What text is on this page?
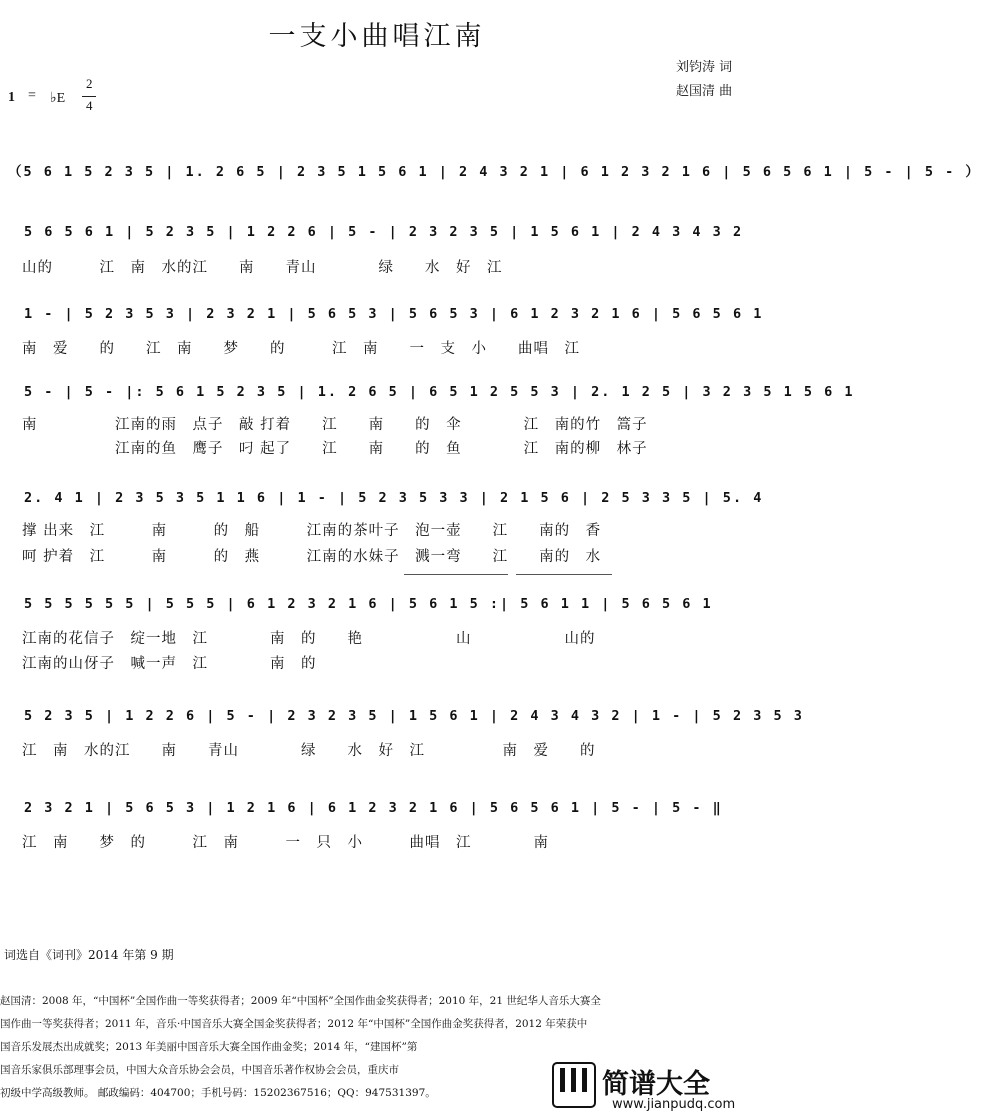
一支小曲唱江南
刘钧涛 词
赵国清 曲
1 = ♭E
2
4
（5 6 1 5 2 3 5 | 1. 2 6 5 | 2 3 5 1 5 6 1 | 2 4 3 2 1 | 6 1 2 3 2 1 6 | 5 6 5 6 1 | 5 - | 5 - ）
5 6 5 6 1 | 5 2 3 5 | 1 2 2 6 | 5 - | 2 3 2 3 5 | 1 5 6 1 | 2 4 3 4 3 2
山的　　　江　南　水的江　　南　　青山　　　　绿　　水　好　江
1 - | 5 2 3 5 3 | 2 3 2 1 | 5 6 5 3 | 5 6 5 3 | 6 1 2 3 2 1 6 | 5 6 5 6 1
南　爱　　的　　江　南　　梦　　的　　　江　南　　一　支　小　　曲唱　江
5 - | 5 - |: 5 6 1 5 2 3 5 | 1. 2 6 5 | 6 5 1 2 5 5 3 | 2. 1 2 5 | 3 2 3 5 1 5 6 1
南　　　　　江南的雨　点子　敲 打着　　江　　南　　的　伞　　　　江　南的竹　篙子
　　　　　　江南的鱼　鹰子　叼 起了　　江　　南　　的　鱼　　　　江　南的柳　林子
2. 4 1 | 2 3 5 3 5 1 1 6 | 1 - | 5 2 3 5 3 3 | 2 1 5 6 | 2 5 3 3 5 | 5. 4
撑 出来　江　　　南　　　的　船　　　江南的茶叶子　泡一壶　　江　　南的　香
呵 护着　江　　　南　　　的　燕　　　江南的水妹子　溅一弯　　江　　南的　水
5 5 5 5 5 5 | 5 5 5 | 6 1 2 3 2 1 6 | 5 6 1 5 :| 5 6 1 1 | 5 6 5 6 1
江南的花信子　绽一地　江　　　　南　的　　艳　　　　　　山　　　　　　山的
江南的山伢子　喊一声　江　　　　南　的
5 2 3 5 | 1 2 2 6 | 5 - | 2 3 2 3 5 | 1 5 6 1 | 2 4 3 4 3 2 | 1 - | 5 2 3 5 3
江　南　水的江　　南　　青山　　　　绿　　水　好　江　　　　　南　爱　　的
2 3 2 1 | 5 6 5 3 | 1 2 1 6 | 6 1 2 3 2 1 6 | 5 6 5 6 1 | 5 - | 5 - ‖
江　南　　梦　的　　　江　南　　　一　只　小　　　曲唱　江　　　　南
词选自《词刊》2014 年第 9 期
赵国清：2008 年，“中国杯”全国作曲一等奖获得者；2009 年“中国杯”全国作曲金奖获得者；2010 年，21 世纪华人音乐大赛全
国作曲一等奖获得者；2011 年，音乐·中国音乐大赛全国金奖获得者；2012 年“中国杯”全国作曲金奖获得者，2012 年荣获中
国音乐发展杰出成就奖；2013 年美丽中国音乐大赛全国作曲金奖；2014 年，“建国杯”第
国音乐家俱乐部理事会员，中国大众音乐协会会员，中国音乐著作权协会会员，重庆市
初级中学高级教师。 邮政编码：404700；手机号码：15202367516；QQ：947531397。	简谱大全
www.jianpudq.com
